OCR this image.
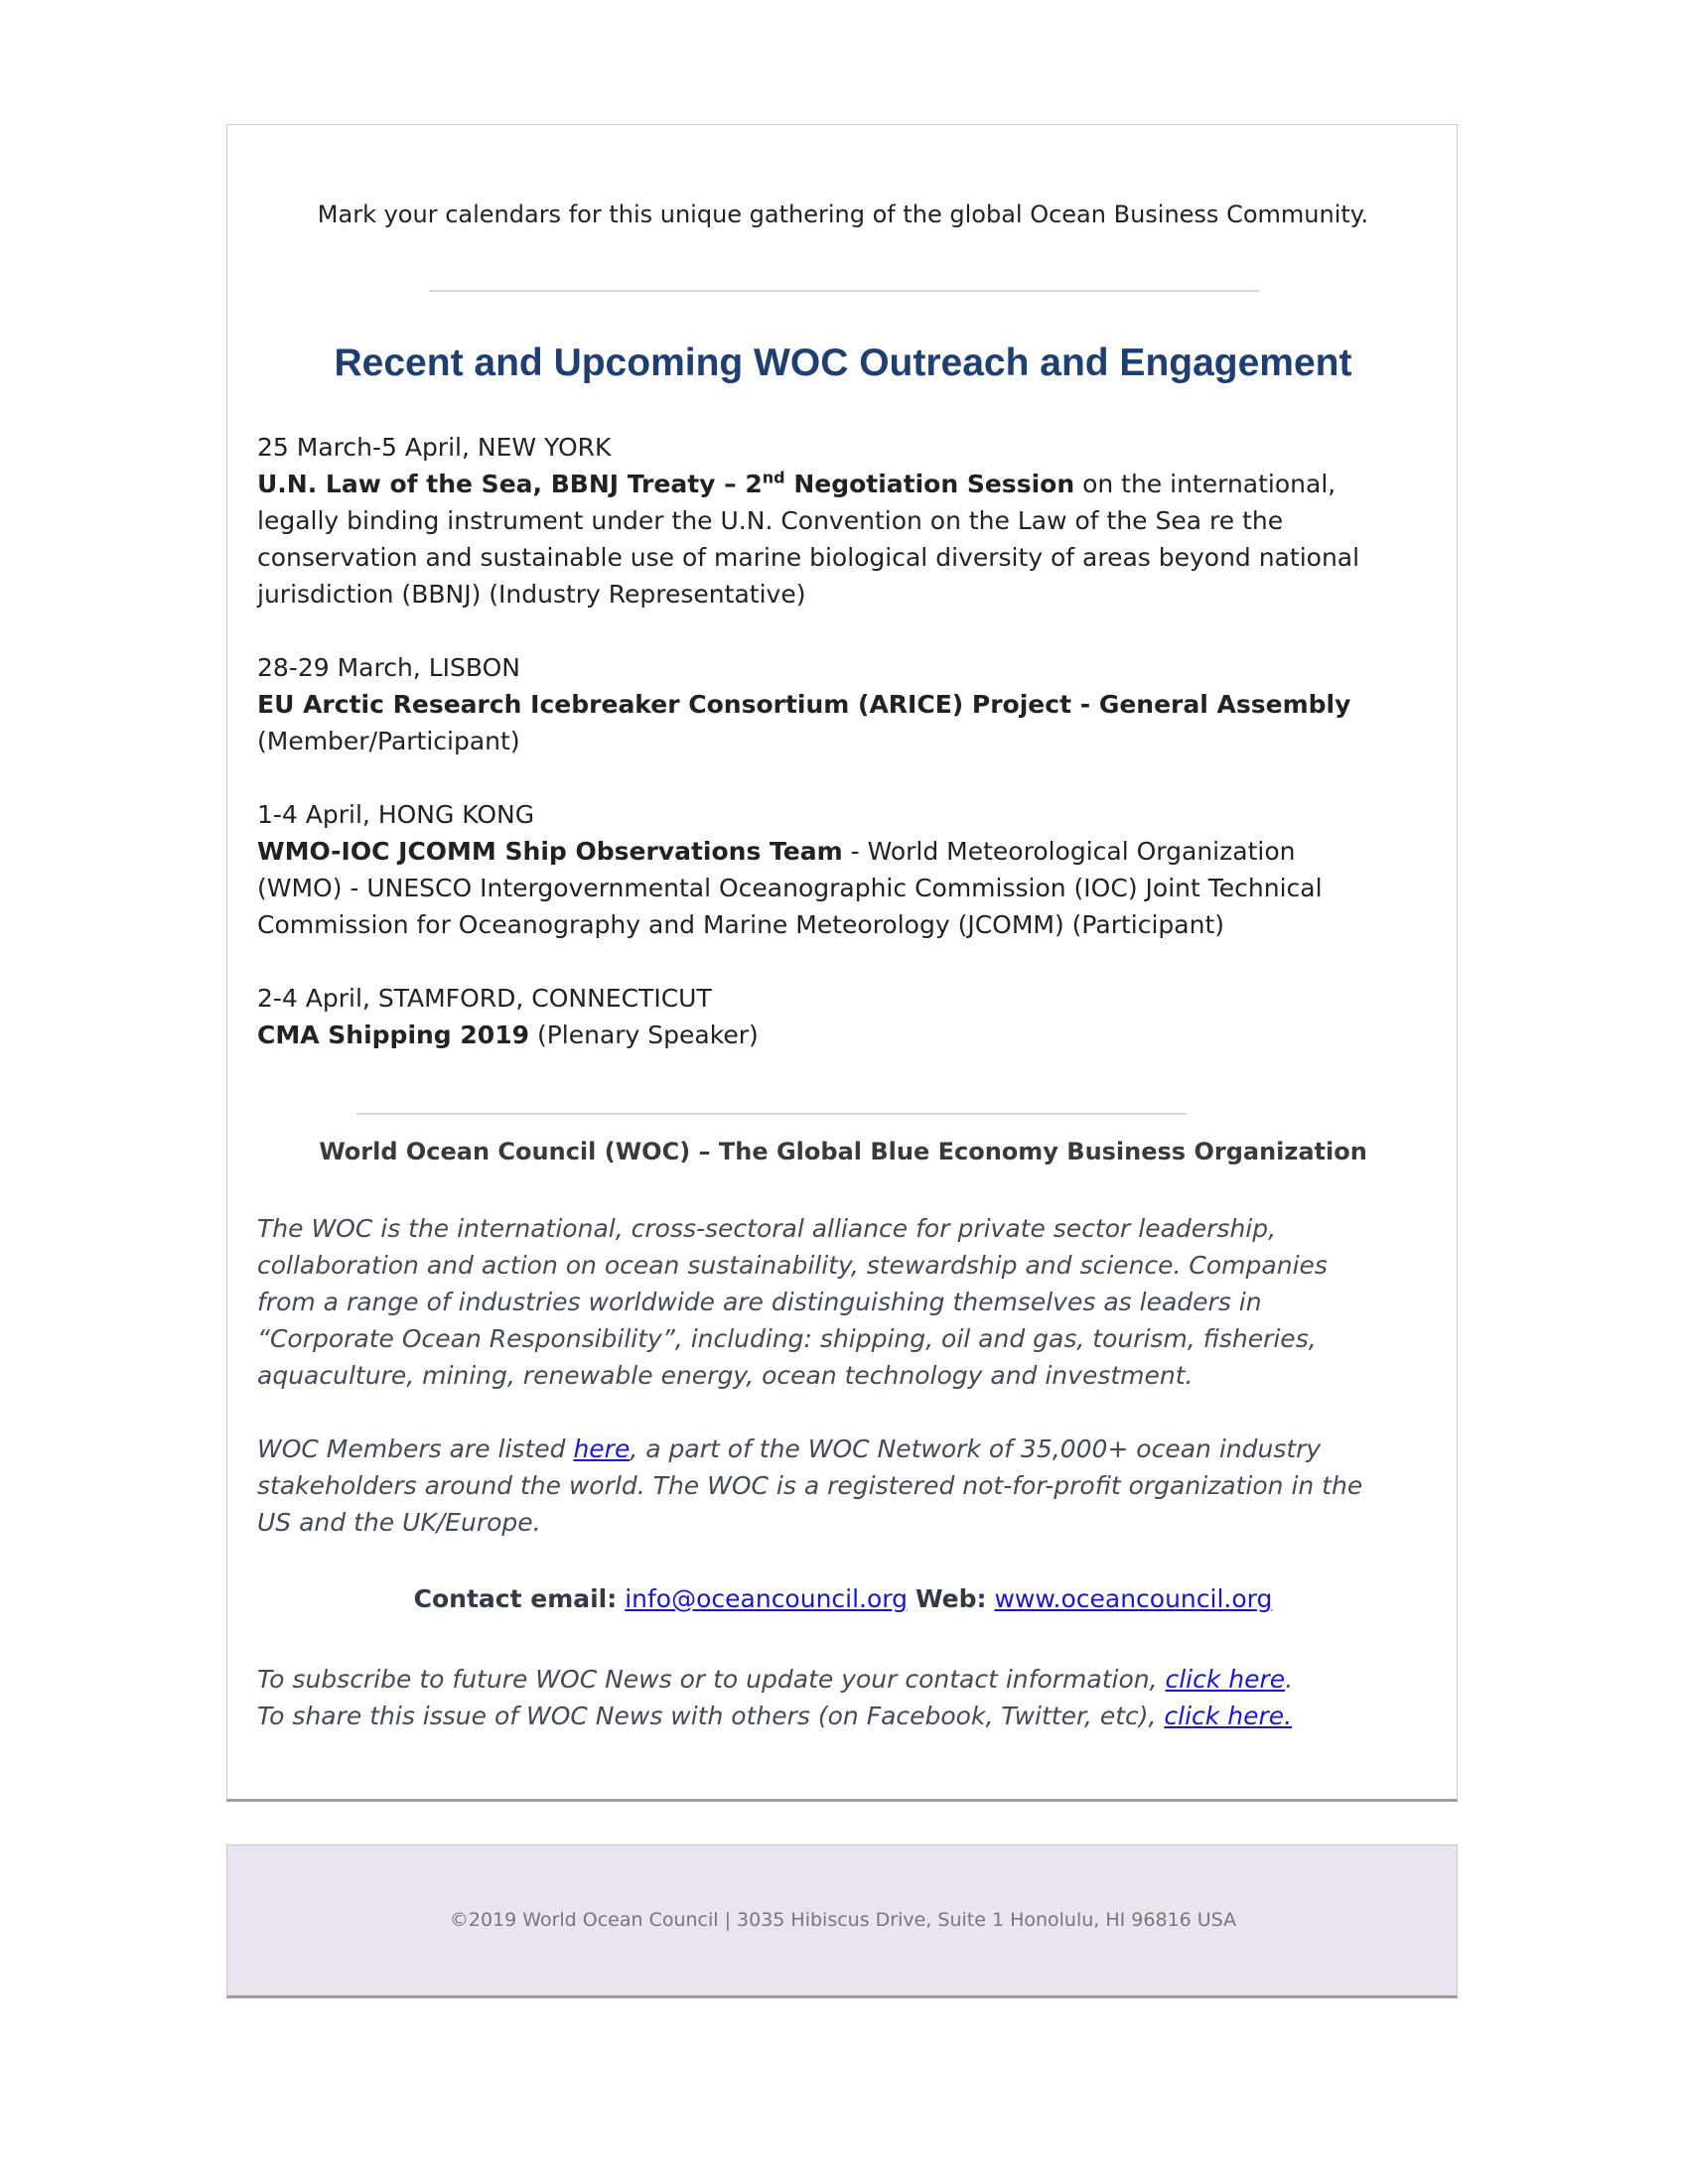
Mark your calendars for this unique gathering of the global Ocean Business Community.
Recent and Upcoming WOC Outreach and Engagement
25 March-5 April, NEW YORK
U.N. Law of the Sea, BBNJ Treaty – 2nd Negotiation Session on the international, legally binding instrument under the U.N. Convention on the Law of the Sea re the conservation and sustainable use of marine biological diversity of areas beyond national jurisdiction (BBNJ) (Industry Representative)
28-29 March, LISBON
EU Arctic Research Icebreaker Consortium (ARICE) Project - General Assembly (Member/Participant)
1-4 April, HONG KONG
WMO-IOC JCOMM Ship Observations Team - World Meteorological Organization (WMO) - UNESCO Intergovernmental Oceanographic Commission (IOC) Joint Technical Commission for Oceanography and Marine Meteorology (JCOMM) (Participant)
2-4 April, STAMFORD, CONNECTICUT
CMA Shipping 2019 (Plenary Speaker)
World Ocean Council (WOC) – The Global Blue Economy Business Organization

The WOC is the international, cross-sectoral alliance for private sector leadership, collaboration and action on ocean sustainability, stewardship and science. Companies from a range of industries worldwide are distinguishing themselves as leaders in “Corporate Ocean Responsibility”, including: shipping, oil and gas, tourism, fisheries, aquaculture, mining, renewable energy, ocean technology and investment.

WOC Members are listed here, a part of the WOC Network of 35,000+ ocean industry stakeholders around the world. The WOC is a registered not-for-profit organization in the US and the UK/Europe.

Contact email: info@oceancouncil.org Web: www.oceancouncil.org
To subscribe to future WOC News or to update your contact information, click here.
To share this issue of WOC News with others (on Facebook, Twitter, etc), click here.
©2019 World Ocean Council | 3035 Hibiscus Drive, Suite 1 Honolulu, HI 96816 USA
